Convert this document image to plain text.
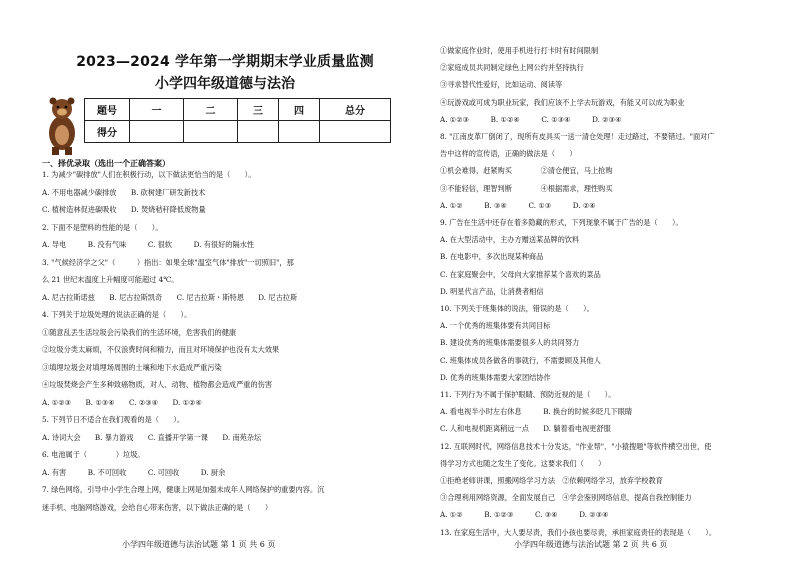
2023—2024 学年第一学期期末学业质量监测
小学四年级道德与法治
题号	一	二	三	四	总分
得分					
一、择优录取（选出一个正确答案）
1. 为减少"碳排放"人们在积极行动，以下做法更恰当的是（　　）。
A. 不用电器减少碳排放　　B. 砍树建厂研发新技术
C. 植树造林促进碳吸收　　D. 焚烧秸秆降低废物量
2. 下面不是塑料的性能的是（　　）。
A. 导电　　　B. 没有气味　　　C. 很软　　　D. 有很好的隔水性
3. "气候经济学之父"（　　　）指出：如果全球"温室气体"排放"一切照旧"，那
么 21 世纪末温度上升幅度可能超过 4℃。
A. 尼古拉斯诺兹　　B. 尼古拉斯凯奇　　C. 尼古拉斯・斯特恩　　D. 尼古拉斯
4. 下列关于垃圾处理的说法正确的是（　　）。
①随意乱丢生活垃圾会污染我们的生活环境，危害我们的健康
②垃圾分类太麻烦，不仅浪费时间和精力，而且对环境保护也没有太大效果
③填埋垃圾会对填埋场周围的土壤和地下水造成严重污染
④垃圾焚烧会产生多种致癌物质，对人、动物、植物都会造成严重的伤害
A. ①②③　　B. ①③④　　C. ②③④　　D. ①②④
5. 下列节日不适合在我们观看的是（　　）。
A. 诗词大会　　B. 暴力游戏　　C. 直播开学第一课　　D. 南苑杂坛
6. 电池属于（　　　　）垃圾。
A. 有害　　　B. 不可回收　　　C. 可回收　　　D. 厨余
7. 绿色网络，引导中小学生合理上网，健康上网是加强未成年人网络保护的重要内容。沉
迷手机、电脑网络游戏，会给自心带来伤害，以下做法正确的是（　　）
小学四年级道德与法治试题 第 1 页 共 6 页
①做家庭作业时，使用手机进行打卡时有时间限制
②家庭成员共同制定绿色上网公约并坚持执行
③寻求替代性爱好，比如运动、阅读等
④玩游戏或可成为职业玩家，我们应该不上学去玩游戏，有能又可以成为职业
A. ①②③　　　B. ①②④　　　C. ①③④　　　D. ②③④
8. "江南皮革厂倒闭了，现所有皮具买一送一清仓处理！走过路过，不要错过。"面对广
告中这样的宣传语，正确的做法是（　　）
①机会难得，赶紧购买　　　　②清仓便宜，马上抢购
③不能轻信，理智判断　　　　④根据需求，理性购买
A. ①②　　　B. ③④　　　C. ①③　　　D. ②④
9. 广告在生活中还存在着多隐藏的形式，下列现象不属于广告的是（　　）。
A. 在大型活动中，主办方赠送某品牌的饮料
B. 在电影中，多次出现某种商品
C. 在家庭聚会中，父母向大家推荐某个喜欢的菜品
D. 明星代言产品，让消费者相信
10. 下列关于班集体的说法，错误的是（　　）。
A. 一个优秀的班集体要有共同目标
B. 建设优秀的班集体需要很多人的共同努力
C. 班集体成员各做各的事就行，不需要顾及其他人
D. 优秀的班集体需要大家团结协作
11. 下列行为不属于保护眼睛、预防近视的是（　　）。
A. 看电视半小时左右休息　　　B. 换台的时候多眨几下眼睛
C. 人和电视机距离稍远一点　　D. 躺着看电视更舒服
12. 互联网时代，网络信息技术十分发达，"作业帮"、"小猿搜题"等软件横空出世，使
得学习方式也随之发生了变化。这要求我们（　　）
①拒绝老师讲课，照搬网络学习方法　②依赖网络学习，放弃学校教育
③合理利用网络资源，全面发展自己　④学会鉴别网络信息，提高自我控制能力
A. ①②　　　B. ①②③　　　C. ③④　　　D. ②③④
13. 在家庭生活中，大人要尽责，我们小孩也要尽责，承担家庭责任的表现是（　　）。
小学四年级道德与法治试题 第 2 页 共 6 页
